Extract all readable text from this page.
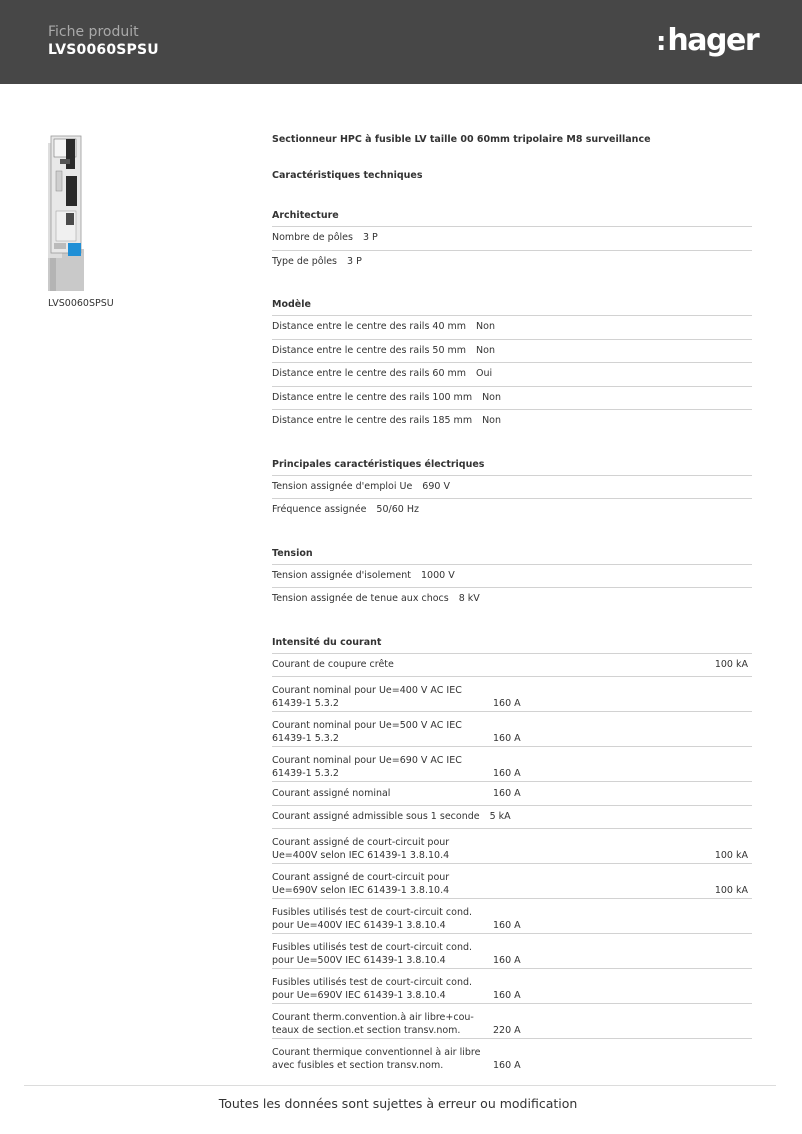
Fiche produit
LVS0060SPSU	:hager
LVS0060SPSU
Sectionneur HPC à fusible LV taille 00 60mm tripolaire M8 surveillance
Caractéristiques techniques
Architecture
Nombre de pôles 3 P
Type de pôles 3 P
Modèle
Distance entre le centre des rails 40 mm Non
Distance entre le centre des rails 50 mm Non
Distance entre le centre des rails 60 mm Oui
Distance entre le centre des rails 100 mm Non
Distance entre le centre des rails 185 mm Non
Principales caractéristiques électriques
Tension assignée d'emploi Ue 690 V
Fréquence assignée 50/60 Hz
Tension
Tension assignée d'isolement 1000 V
Tension assignée de tenue aux chocs 8 kV
Intensité du courant
Courant de coupure crête	100 kA
Courant nominal pour Ue=400 V AC IEC
61439-1 5.3.2	160 A
Courant nominal pour Ue=500 V AC IEC
61439-1 5.3.2	160 A
Courant nominal pour Ue=690 V AC IEC
61439-1 5.3.2	160 A
Courant assigné nominal	160 A
Courant assigné admissible sous 1 seconde 5 kA
Courant assigné de court-circuit pour
Ue=400V selon IEC 61439-1 3.8.10.4	100 kA
Courant assigné de court-circuit pour
Ue=690V selon IEC 61439-1 3.8.10.4	100 kA
Fusibles utilisés test de court-circuit cond.
pour Ue=400V IEC 61439-1 3.8.10.4	160 A
Fusibles utilisés test de court-circuit cond.
pour Ue=500V IEC 61439-1 3.8.10.4	160 A
Fusibles utilisés test de court-circuit cond.
pour Ue=690V IEC 61439-1 3.8.10.4	160 A
Courant therm.convention.à air libre+cou-
teaux de section.et section transv.nom.	220 A
Courant thermique conventionnel à air libre
avec fusibles et section transv.nom.	160 A
Toutes les données sont sujettes à erreur ou modification
